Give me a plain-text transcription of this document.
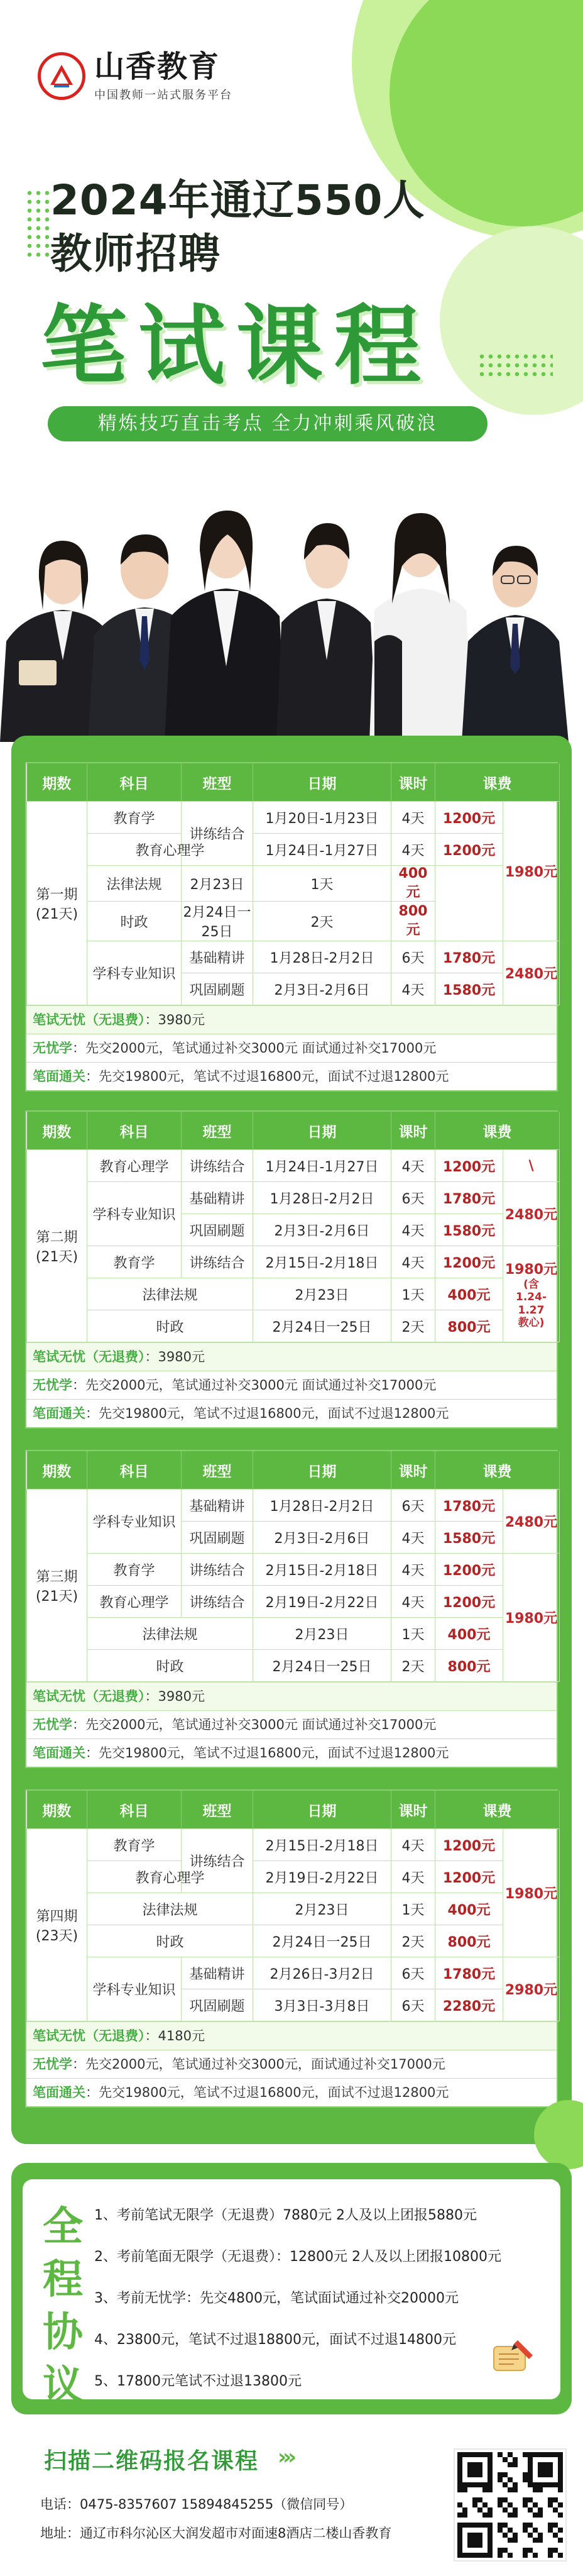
山香教育
中国教师一站式服务平台
2024年通辽550人
教师招聘
笔试课程
精炼技巧直击考点 全力冲刺乘风破浪
期数	科目	班型	日期	课时	课费	

第一期
(21天)	教育学	讲练结合	1月20日-1月23日	4天	1200元	1980元

	教育心理学		1月24日-1月27日	4天	1200元	
	法律法规	2月23日	1天	400元		
	时政	2月24日一25日	2天	800元		
	学科专业知识	基础精讲	1月28日-2月2日	6天	1780元	2480元

		巩固刷题	2月3日-2月6日	4天	1580元	
笔试无忧（无退费）：3980元
无忧学：先交2000元，笔试通过补交3000元 面试通过补交17000元
笔面通关：先交19800元，笔试不过退16800元，面试不过退12800元
期数	科目	班型	日期	课时	课费	

第二期
(21天)	教育心理学	讲练结合	1月24日-1月27日	4天	1200元	\

	学科专业知识	基础精讲	1月28日-2月2日	6天	1780元	2480元

		巩固刷题	2月3日-2月6日	4天	1580元	
	教育学	讲练结合	2月15日-2月18日	4天	1200元	1980元
(含
1.24-1.27
教心)

	法律法规		2月23日	1天	400元	
	时政		2月24日一25日	2天	800元	
笔试无忧（无退费）：3980元
无忧学：先交2000元，笔试通过补交3000元 面试通过补交17000元
笔面通关：先交19800元，笔试不过退16800元，面试不过退12800元
期数	科目	班型	日期	课时	课费	

第三期
(21天)	学科专业知识	基础精讲	1月28日-2月2日	6天	1780元	2480元

		巩固刷题	2月3日-2月6日	4天	1580元	
	教育学	讲练结合	2月15日-2月18日	4天	1200元	1980元

	教育心理学	讲练结合	2月19日-2月22日	4天	1200元	
	法律法规		2月23日	1天	400元	
	时政		2月24日一25日	2天	800元	
笔试无忧（无退费）：3980元
无忧学：先交2000元，笔试通过补交3000元 面试通过补交17000元
笔面通关：先交19800元，笔试不过退16800元，面试不过退12800元
期数	科目	班型	日期	课时	课费	

第四期
(23天)	教育学	讲练结合	2月15日-2月18日	4天	1200元	1980元

	教育心理学		2月19日-2月22日	4天	1200元	
	法律法规		2月23日	1天	400元	
	时政		2月24日一25日	2天	800元	
	学科专业知识	基础精讲	2月26日-3月2日	6天	1780元	2980元

		巩固刷题	3月3日-3月8日	6天	2280元	
笔试无忧（无退费）：4180元
无忧学：先交2000元，笔试通过补交3000元，面试通过补交17000元
笔面通关：先交19800元，笔试不过退16800元，面试不过退12800元
全
程
协
议
1、考前笔试无限学（无退费）7880元 2人及以上团报5880元
2、考前笔面无限学（无退费）：12800元 2人及以上团报10800元
3、考前无忧学：先交4800元，笔试面试通过补交20000元
4、23800元，笔试不过退18800元，面试不过退14800元
5、17800元笔试不过退13800元
扫描二维码报名课程 ›››
电话：0475-8357607 15894845255（微信同号）
地址：通辽市科尔沁区大润发超市对面速8酒店二楼山香教育
